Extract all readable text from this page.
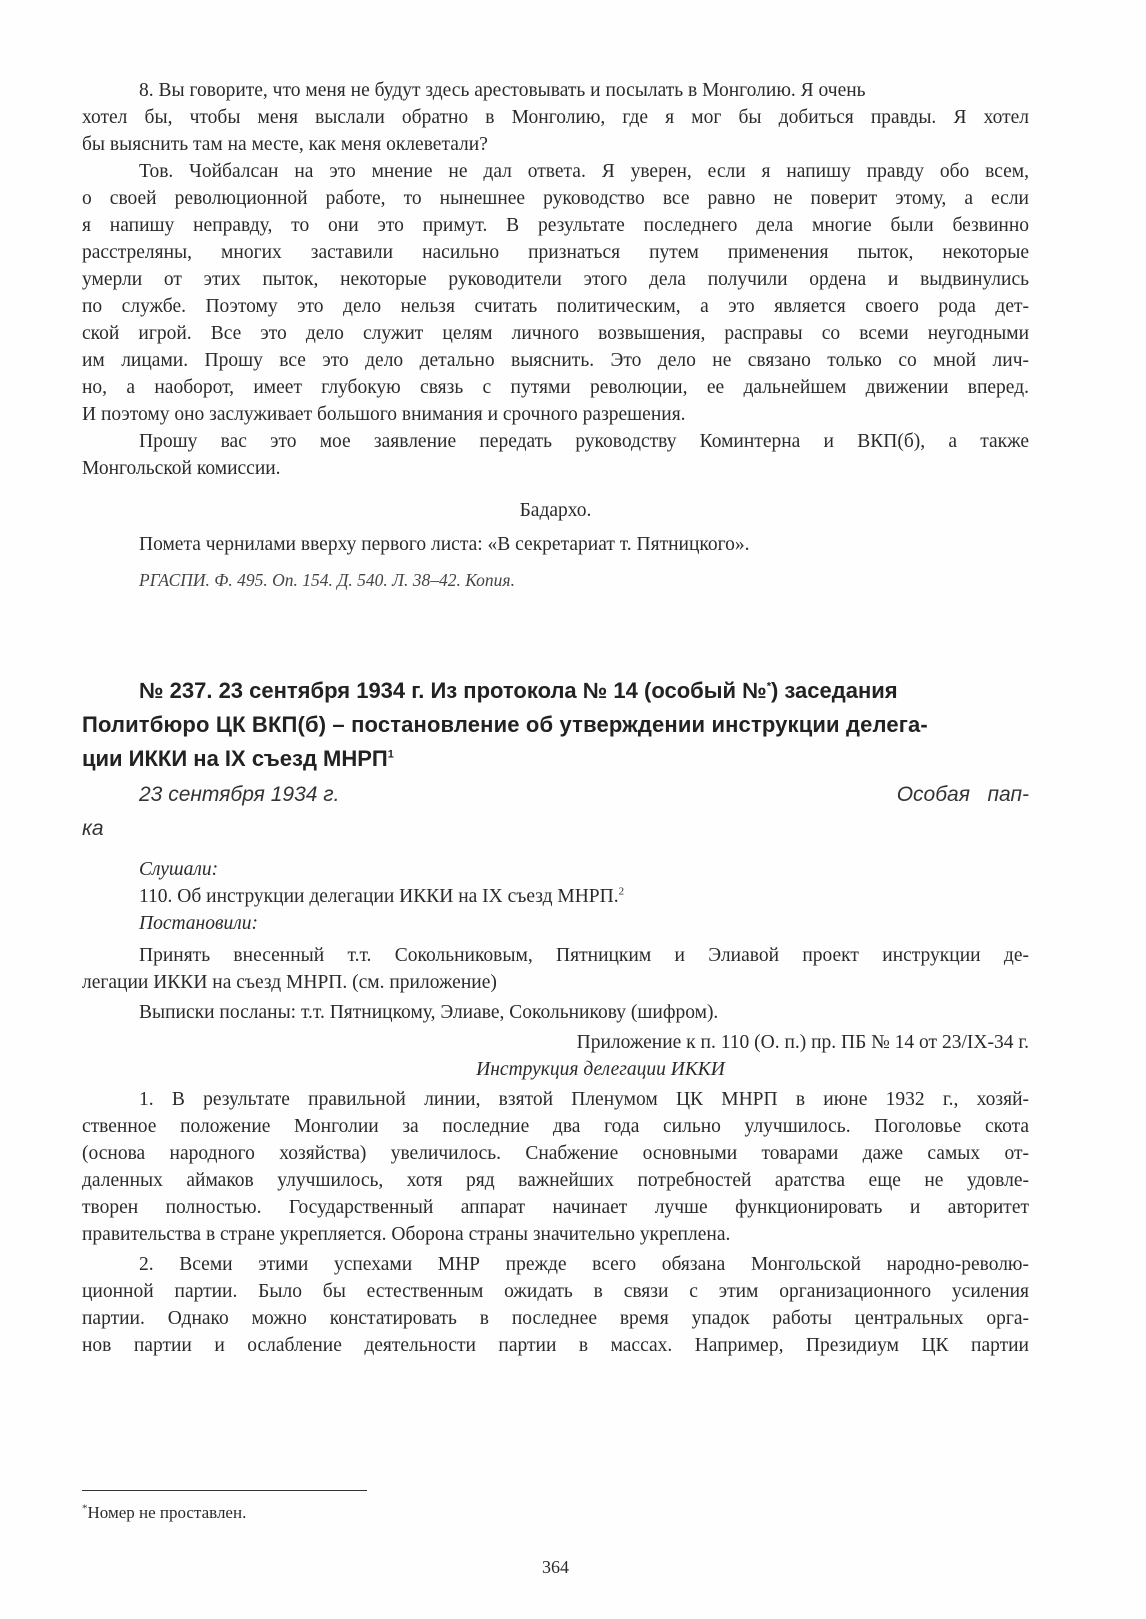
8. Вы говорите, что меня не будут здесь арестовывать и посылать в Монголию. Я очень
хотел бы, чтобы меня выслали обратно в Монголию, где я мог бы добиться правды. Я хотел
бы выяснить там на месте, как меня оклеветали?
Тов. Чойбалсан на это мнение не дал ответа. Я уверен, если я напишу правду обо всем,
о своей революционной работе, то нынешнее руководство все равно не поверит этому, а если
я напишу неправду, то они это примут. В результате последнего дела многие были безвинно
расстреляны, многих заставили насильно признаться путем применения пыток, некоторые
умерли от этих пыток, некоторые руководители этого дела получили ордена и выдвинулись
по службе. Поэтому это дело нельзя считать политическим, а это является своего рода дет-
ской игрой. Все это дело служит целям личного возвышения, расправы со всеми неугодными
им лицами. Прошу все это дело детально выяснить. Это дело не связано только со мной лич-
но, а наоборот, имеет глубокую связь с путями революции, ее дальнейшем движении вперед.
И поэтому оно заслуживает большого внимания и срочного разрешения.
Прошу вас это мое заявление передать руководству Коминтерна и ВКП(б), а также
Монгольской комиссии.
Бадархо.
Помета чернилами вверху первого листа: «В секретариат т. Пятницкого».
РГАСПИ. Ф. 495. Оп. 154. Д. 540. Л. 38–42. Копия.
№ 237. 23 сентября 1934 г. Из протокола № 14 (особый №*) заседания
Политбюро ЦК ВКП(б) – постановление об утверждении инструкции делега-
ции ИККИ на IX съезд МНРП$^1$
23 сентября 1934 г.	Особая   пап-
ка
Слушали:
110. Об инструкции делегации ИККИ на IX съезд МНРП.$^2$
Постановили:
Принять внесенный т.т. Сокольниковым, Пятницким и Элиавой проект инструкции де-
легации ИККИ на съезд МНРП. (см. приложение)
Выписки посланы: т.т. Пятницкому, Элиаве, Сокольникову (шифром).
Приложение к п. 110 (О. п.) пр. ПБ № 14 от 23/IX-34 г.
Инструкция делегации ИККИ
1. В результате правильной линии, взятой Пленумом ЦК МНРП в июне 1932 г., хозяй-
ственное положение Монголии за последние два года сильно улучшилось. Поголовье скота
(основа народного хозяйства) увеличилось. Снабжение основными товарами даже самых от-
даленных аймаков улучшилось, хотя ряд важнейших потребностей аратства еще не удовле-
творен полностью. Государственный аппарат начинает лучше функционировать и авторитет
правительства в стране укрепляется. Оборона страны значительно укреплена.
2. Всеми этими успехами МНР прежде всего обязана Монгольской народно-револю-
ционной партии. Было бы естественным ожидать в связи с этим организационного усиления
партии. Однако можно констатировать в последнее время упадок работы центральных орга-
нов партии и ослабление деятельности партии в массах. Например, Президиум ЦК партии
*Номер не проставлен.
364
